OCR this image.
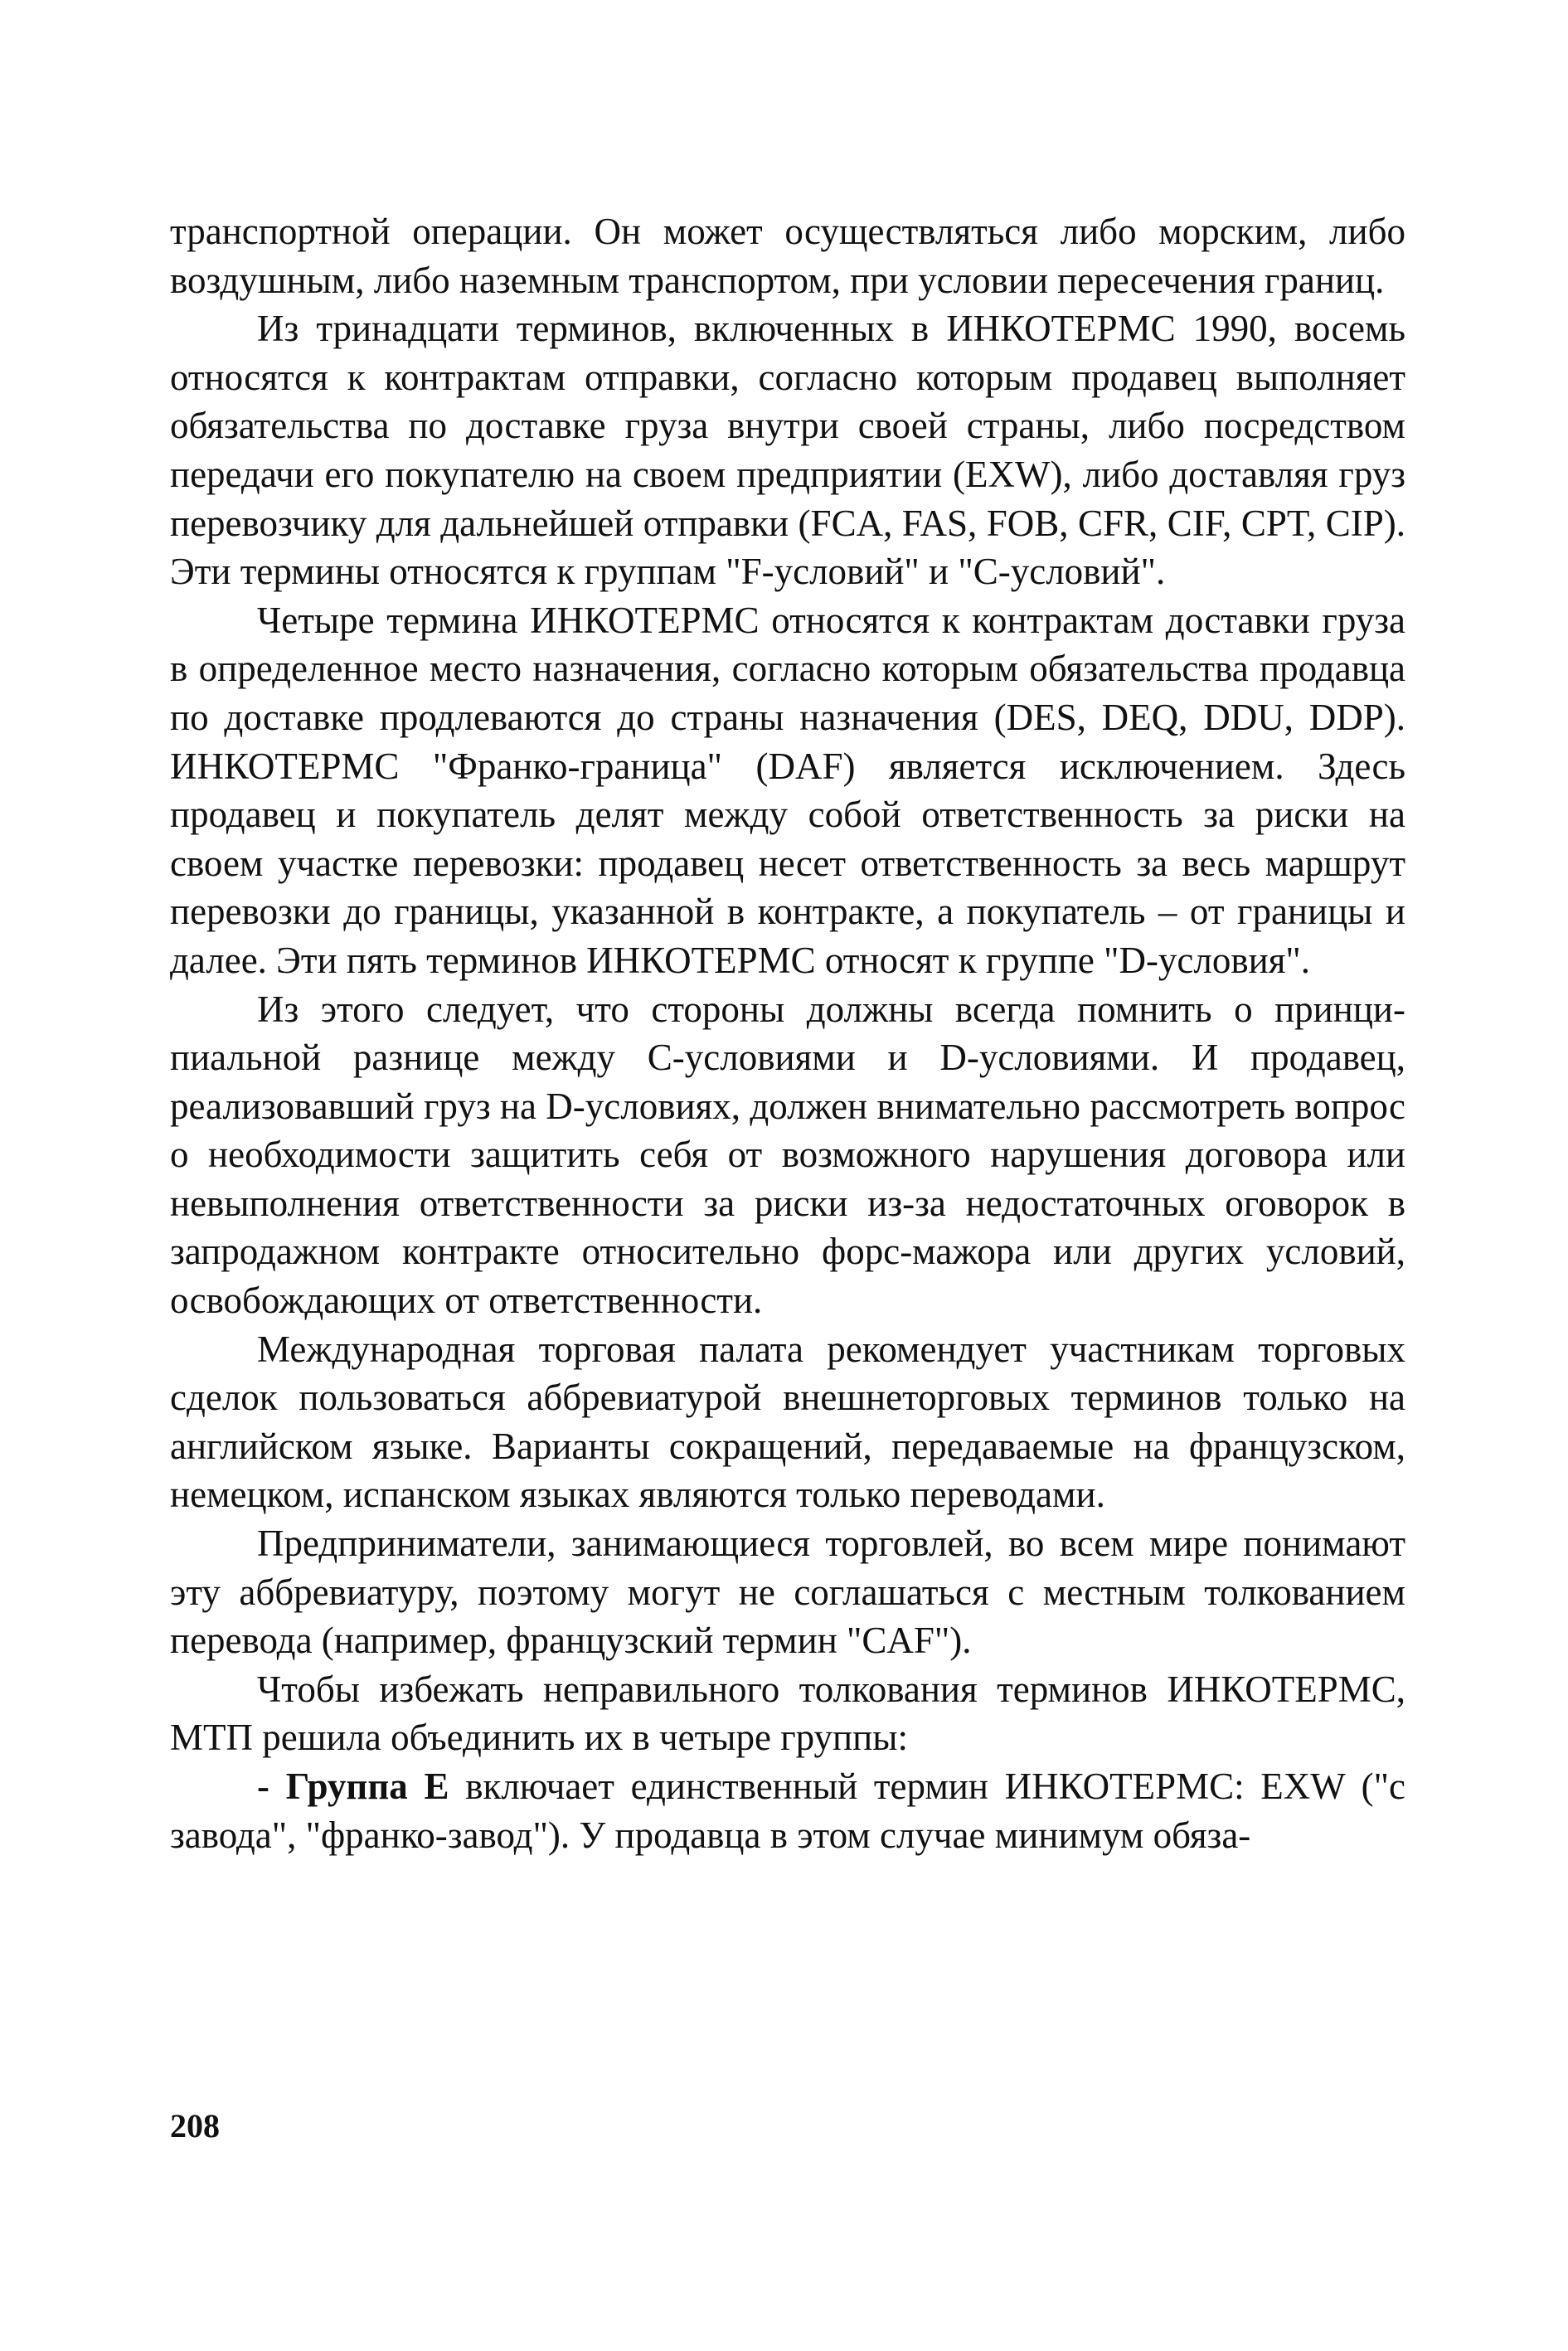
транспортной операции. Он может осуществляться либо морским, либо воздушным, либо наземным транспортом, при условии пересечения границ.

Из тринадцати терминов, включенных в ИНКОТЕРМС 1990, восемь относятся к контрактам отправки, согласно которым продавец выполняет обязательства по доставке груза внутри своей страны, либо посредством передачи его покупателю на своем предприятии (EXW), либо доставляя груз перевозчику для дальнейшей отправки (FCA, FAS, FOB, CFR, CIF, CPT, CIP). Эти термины относятся к группам "F-условий" и "C-условий".

Четыре термина ИНКОТЕРМС относятся к контрактам доставки груза в определенное место назначения, согласно которым обязательства продавца по доставке продлеваются до страны назначения (DES, DEQ, DDU, DDP). ИНКОТЕРМС "Франко-граница" (DAF) является исключением. Здесь продавец и покупатель делят между собой ответственность за риски на своем участке перевозки: продавец несет ответственность за весь маршрут перевозки до границы, указанной в контракте, а покупатель – от границы и далее. Эти пять терминов ИНКОТЕРМС относят к группе "D-условия".

Из этого следует, что стороны должны всегда помнить о принципиальной разнице между C-условиями и D-условиями. И продавец, реализовавший груз на D-условиях, должен внимательно рассмотреть вопрос о необходимости защитить себя от возможного нарушения договора или невыполнения ответственности за риски из-за недостаточных оговорок в запродажном контракте относительно форс-мажора или других условий, освобождающих от ответственности.

Международная торговая палата рекомендует участникам торговых сделок пользоваться аббревиатурой внешнеторговых терминов только на английском языке. Варианты сокращений, передаваемые на французском, немецком, испанском языках являются только переводами.

Предприниматели, занимающиеся торговлей, во всем мире понимают эту аббревиатуру, поэтому могут не соглашаться с местным толкованием перевода (например, французский термин "CAF").

Чтобы избежать неправильного толкования терминов ИНКОТЕРМС, МТП решила объединить их в четыре группы:

- Группа E включает единственный термин ИНКОТЕРМС: EXW ("с завода", "франко-завод"). У продавца в этом случае минимум обяза-

208
